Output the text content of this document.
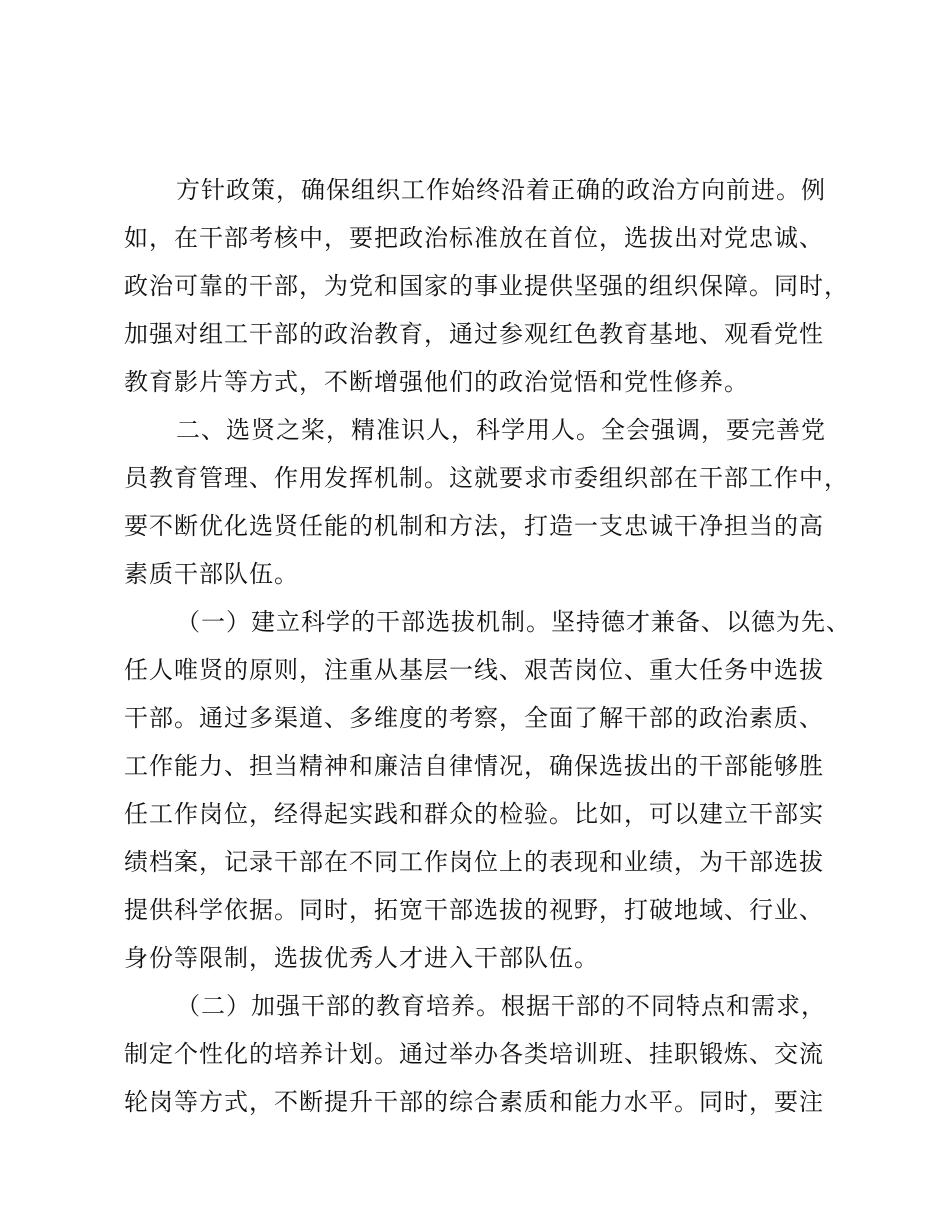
方针政策，确保组织工作始终沿着正确的政治方向前进。例
如，在干部考核中，要把政治标准放在首位，选拔出对党忠诚、
政治可靠的干部，为党和国家的事业提供坚强的组织保障。同时，
加强对组工干部的政治教育，通过参观红色教育基地、观看党性
教育影片等方式，不断增强他们的政治觉悟和党性修养。
二、选贤之桨，精准识人，科学用人。全会强调，要完善党
员教育管理、作用发挥机制。这就要求市委组织部在干部工作中，
要不断优化选贤任能的机制和方法，打造一支忠诚干净担当的高
素质干部队伍。
（一）建立科学的干部选拔机制。坚持德才兼备、以德为先、
任人唯贤的原则，注重从基层一线、艰苦岗位、重大任务中选拔
干部。通过多渠道、多维度的考察，全面了解干部的政治素质、
工作能力、担当精神和廉洁自律情况，确保选拔出的干部能够胜
任工作岗位，经得起实践和群众的检验。比如，可以建立干部实
绩档案，记录干部在不同工作岗位上的表现和业绩，为干部选拔
提供科学依据。同时，拓宽干部选拔的视野，打破地域、行业、
身份等限制，选拔优秀人才进入干部队伍。
（二）加强干部的教育培养。根据干部的不同特点和需求，
制定个性化的培养计划。通过举办各类培训班、挂职锻炼、交流
轮岗等方式，不断提升干部的综合素质和能力水平。同时，要注
